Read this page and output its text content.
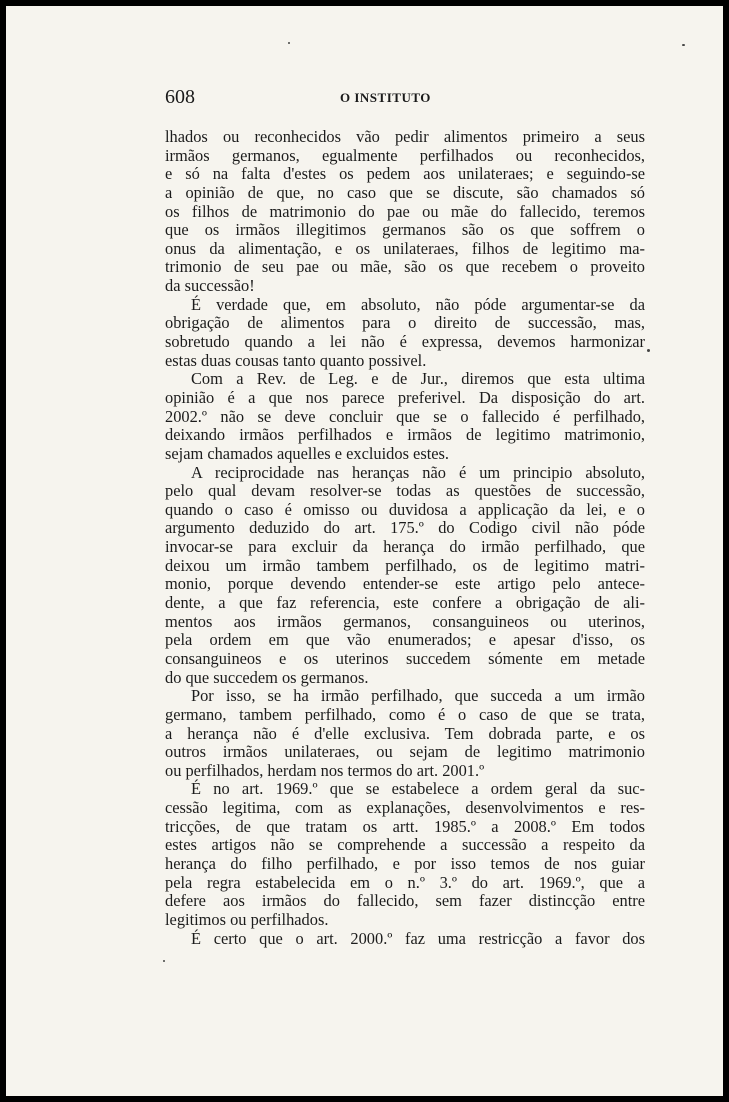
608	O INSTITUTO
lhados ou reconhecidos vão pedir alimentos primeiro a seus
irmãos germanos, egualmente perfilhados ou reconhecidos,
e só na falta d'estes os pedem aos unilateraes; e seguindo-se
a opinião de que, no caso que se discute, são chamados só
os filhos de matrimonio do pae ou mãe do fallecido, teremos
que os irmãos illegitimos germanos são os que soffrem o
onus da alimentação, e os unilateraes, filhos de legitimo ma-
trimonio de seu pae ou mãe, são os que recebem o proveito
da successão!
É verdade que, em absoluto, não póde argumentar-se da
obrigação de alimentos para o direito de successão, mas,
sobretudo quando a lei não é expressa, devemos harmonizar
estas duas cousas tanto quanto possivel.
Com a Rev. de Leg. e de Jur., diremos que esta ultima
opinião é a que nos parece preferivel. Da disposição do art.
2002.º não se deve concluir que se o fallecido é perfilhado,
deixando irmãos perfilhados e irmãos de legitimo matrimonio,
sejam chamados aquelles e excluidos estes.
A reciprocidade nas heranças não é um principio absoluto,
pelo qual devam resolver-se todas as questões de successão,
quando o caso é omisso ou duvidosa a applicação da lei, e o
argumento deduzido do art. 175.º do Codigo civil não póde
invocar-se para excluir da herança do irmão perfilhado, que
deixou um irmão tambem perfilhado, os de legitimo matri-
monio, porque devendo entender-se este artigo pelo antece-
dente, a que faz referencia, este confere a obrigação de ali-
mentos aos irmãos germanos, consanguineos ou uterinos,
pela ordem em que vão enumerados; e apesar d'isso, os
consanguineos e os uterinos succedem sómente em metade
do que succedem os germanos.
Por isso, se ha irmão perfilhado, que succeda a um irmão
germano, tambem perfilhado, como é o caso de que se trata,
a herança não é d'elle exclusiva. Tem dobrada parte, e os
outros irmãos unilateraes, ou sejam de legitimo matrimonio
ou perfilhados, herdam nos termos do art. 2001.º
É no art. 1969.º que se estabelece a ordem geral da suc-
cessão legitima, com as explanações, desenvolvimentos e res-
tricções, de que tratam os artt. 1985.º a 2008.º Em todos
estes artigos não se comprehende a successão a respeito da
herança do filho perfilhado, e por isso temos de nos guiar
pela regra estabelecida em o n.º 3.º do art. 1969.º, que a
defere aos irmãos do fallecido, sem fazer distincção entre
legitimos ou perfilhados.
É certo que o art. 2000.º faz uma restricção a favor dos
